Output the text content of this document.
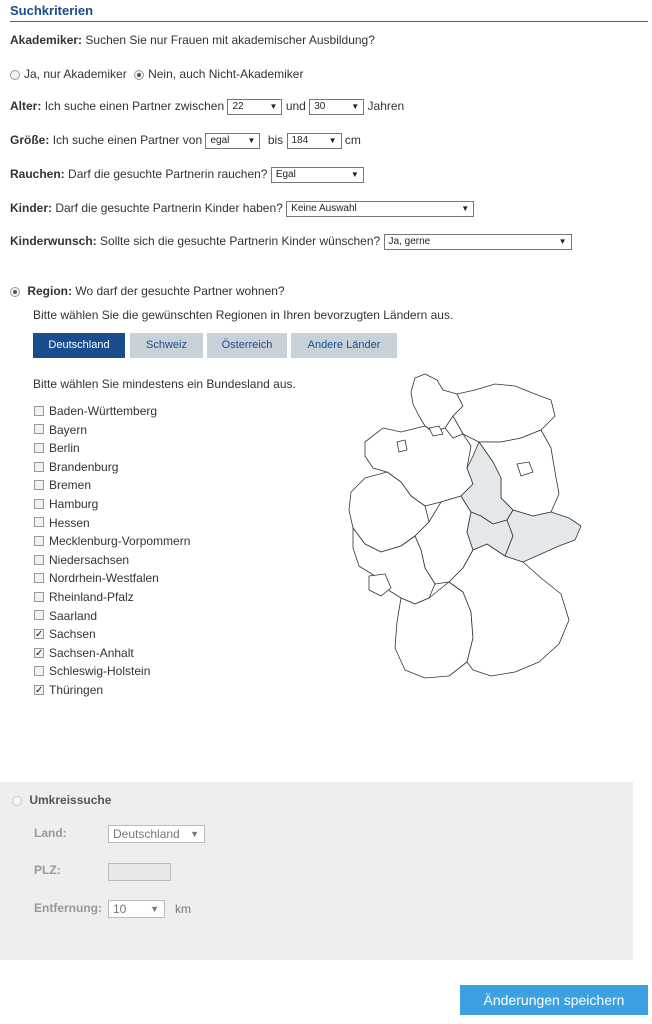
Suchkriterien
Akademiker: Suchen Sie nur Frauen mit akademischer Ausbildung?
Ja, nur Akademiker Nein, auch Nicht-Akademiker
Alter: Ich suche einen Partner zwischen 22	▼ und 30	▼ Jahren
Größe: Ich suche einen Partner von egal ▼ bis 184	▼ cm
Rauchen: Darf die gesuchte Partnerin rauchen? Egal	▼
Kinder: Darf die gesuchte Partnerin Kinder haben? Keine Auswahl	▼
Kinderwunsch: Sollte sich die gesuchte Partnerin Kinder wünschen? Ja, gerne	▼
Region: Wo darf der gesuchte Partner wohnen?
Bitte wählen Sie die gewünschten Regionen in Ihren bevorzugten Ländern aus.
Deutschland	Schweiz	Österreich	Andere Länder
Bitte wählen Sie mindestens ein Bundesland aus.
Baden-Württemberg
Bayern
Berlin
Brandenburg
Bremen
Hamburg
Hessen
Mecklenburg-Vorpommern
Niedersachsen
Nordrhein-Westfalen
Rheinland-Pfalz
Saarland
✓Sachsen
✓Sachsen-Anhalt
Schleswig-Holstein
✓Thüringen
Umkreissuche
Land:	Deutschland ▼
PLZ:
Entfernung: 10	▼ km
Änderungen speichern
